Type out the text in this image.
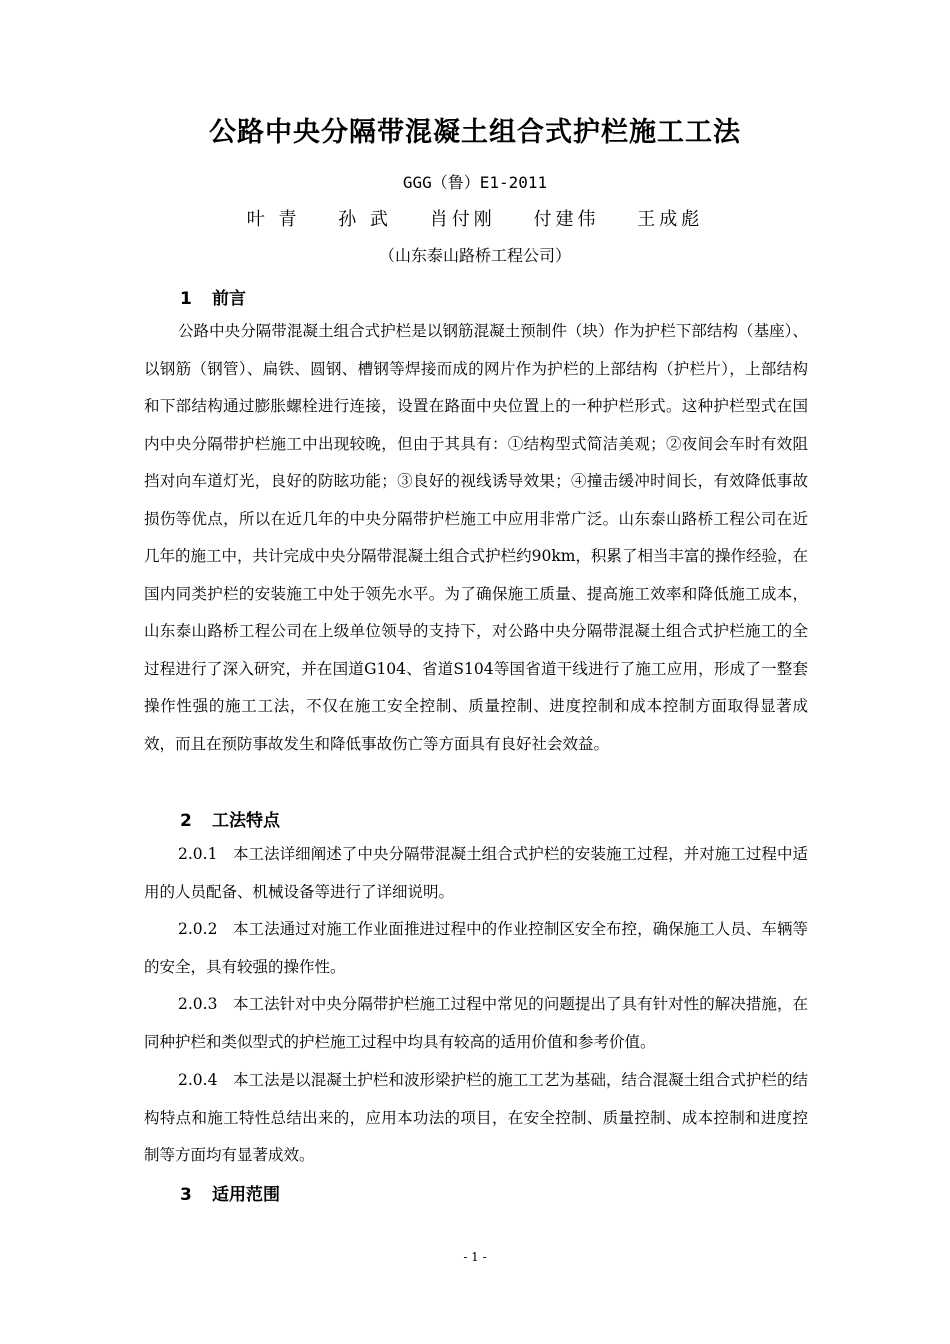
公路中央分隔带混凝土组合式护栏施工工法
GGG（鲁）E1-2011
叶 青 孙 武 肖付刚 付建伟 王成彪
（山东泰山路桥工程公司）
1 前言

公路中央分隔带混凝土组合式护栏是以钢筋混凝土预制件（块）作为护栏下部结构（基座）、以钢筋（钢管）、扁铁、圆钢、槽钢等焊接而成的网片作为护栏的上部结构（护栏片），上部结构和下部结构通过膨胀螺栓进行连接，设置在路面中央位置上的一种护栏形式。这种护栏型式在国内中央分隔带护栏施工中出现较晚，但由于其具有：①结构型式简洁美观；②夜间会车时有效阻挡对向车道灯光，良好的防眩功能；③良好的视线诱导效果；④撞击缓冲时间长，有效降低事故损伤等优点，所以在近几年的中央分隔带护栏施工中应用非常广泛。山东泰山路桥工程公司在近几年的施工中，共计完成中央分隔带混凝土组合式护栏约90km，积累了相当丰富的操作经验，在国内同类护栏的安装施工中处于领先水平。为了确保施工质量、提高施工效率和降低施工成本，山东泰山路桥工程公司在上级单位领导的支持下，对公路中央分隔带混凝土组合式护栏施工的全过程进行了深入研究，并在国道G104、省道S104等国省道干线进行了施工应用，形成了一整套操作性强的施工工法，不仅在施工安全控制、质量控制、进度控制和成本控制方面取得显著成效，而且在预防事故发生和降低事故伤亡等方面具有良好社会效益。

2 工法特点

2.0.1　本工法详细阐述了中央分隔带混凝土组合式护栏的安装施工过程，并对施工过程中适用的人员配备、机械设备等进行了详细说明。

2.0.2　本工法通过对施工作业面推进过程中的作业控制区安全布控，确保施工人员、车辆等的安全，具有较强的操作性。

2.0.3　本工法针对中央分隔带护栏施工过程中常见的问题提出了具有针对性的解决措施，在同种护栏和类似型式的护栏施工过程中均具有较高的适用价值和参考价值。

2.0.4　本工法是以混凝土护栏和波形梁护栏的施工工艺为基础，结合混凝土组合式护栏的结构特点和施工特性总结出来的，应用本功法的项目，在安全控制、质量控制、成本控制和进度控制等方面均有显著成效。

3 适用范围
- 1 -
